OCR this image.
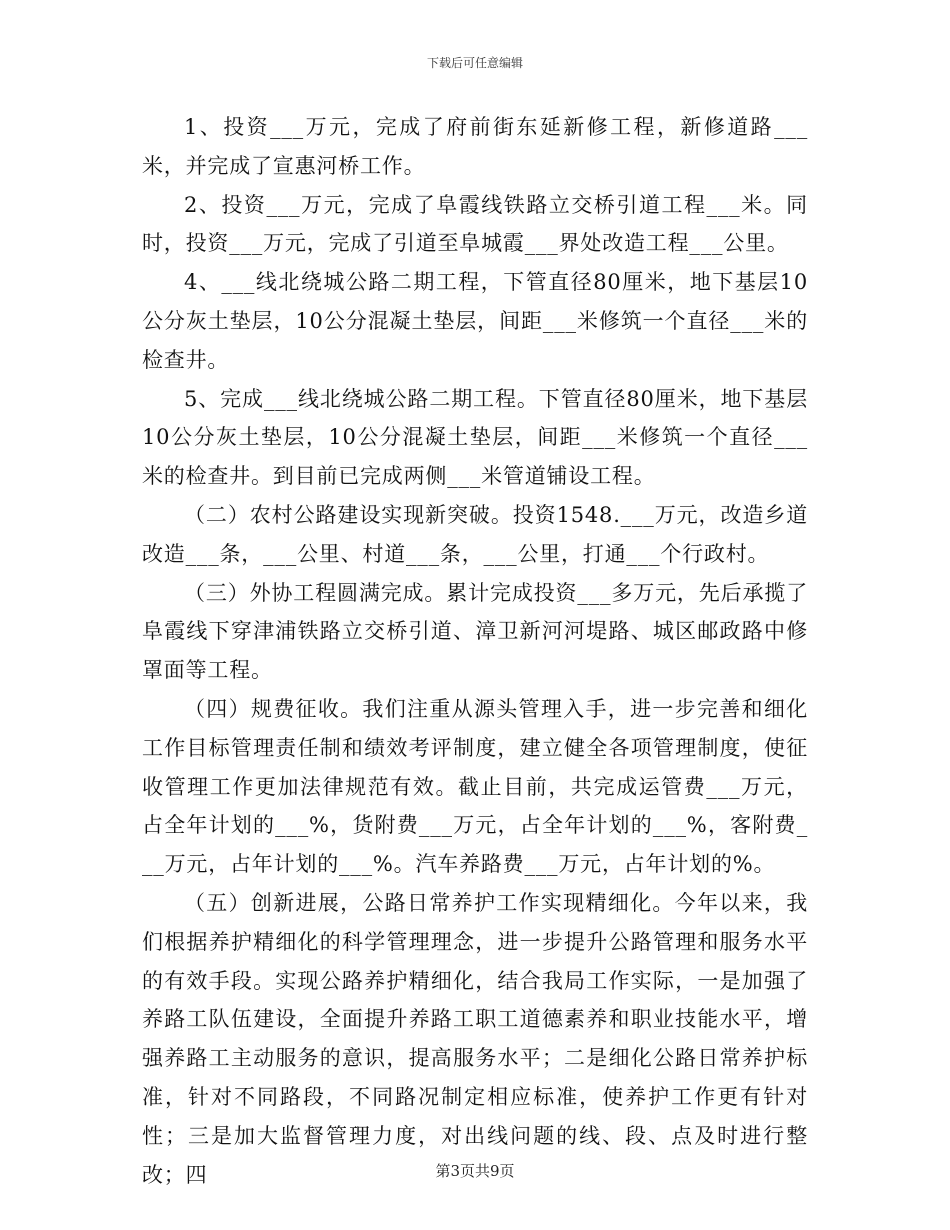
下载后可任意编辑

1、投资___万元，完成了府前街东延新修工程，新修道路___米，并完成了宣惠河桥工作。

2、投资___万元，完成了阜霞线铁路立交桥引道工程___米。同时，投资___万元，完成了引道至阜城霞___界处改造工程___公里。

4、___线北绕城公路二期工程，下管直径80厘米，地下基层10公分灰土垫层，10公分混凝土垫层，间距___米修筑一个直径___米的检查井。

5、完成___线北绕城公路二期工程。下管直径80厘米，地下基层10公分灰土垫层，10公分混凝土垫层，间距___米修筑一个直径___米的检查井。到目前已完成两侧___米管道铺设工程。

（二）农村公路建设实现新突破。投资1548.___万元，改造乡道改造___条，___公里、村道___条，___公里，打通___个行政村。

（三）外协工程圆满完成。累计完成投资___多万元，先后承揽了阜霞线下穿津浦铁路立交桥引道、漳卫新河河堤路、城区邮政路中修罩面等工程。

（四）规费征收。我们注重从源头管理入手，进一步完善和细化工作目标管理责任制和绩效考评制度，建立健全各项管理制度，使征收管理工作更加法律规范有效。截止目前，共完成运管费___万元，占全年计划的___%，货附费___万元，占全年计划的___%，客附费___万元，占年计划的___%。汽车养路费___万元，占年计划的%。

（五）创新进展，公路日常养护工作实现精细化。今年以来，我们根据养护精细化的科学管理理念，进一步提升公路管理和服务水平的有效手段。实现公路养护精细化，结合我局工作实际，一是加强了养路工队伍建设，全面提升养路工职工道德素养和职业技能水平，增强养路工主动服务的意识，提高服务水平；二是细化公路日常养护标准，针对不同路段，不同路况制定相应标准，使养护工作更有针对性；三是加大监督管理力度，对出线问题的线、段、点及时进行整改；四	第3页共9页
